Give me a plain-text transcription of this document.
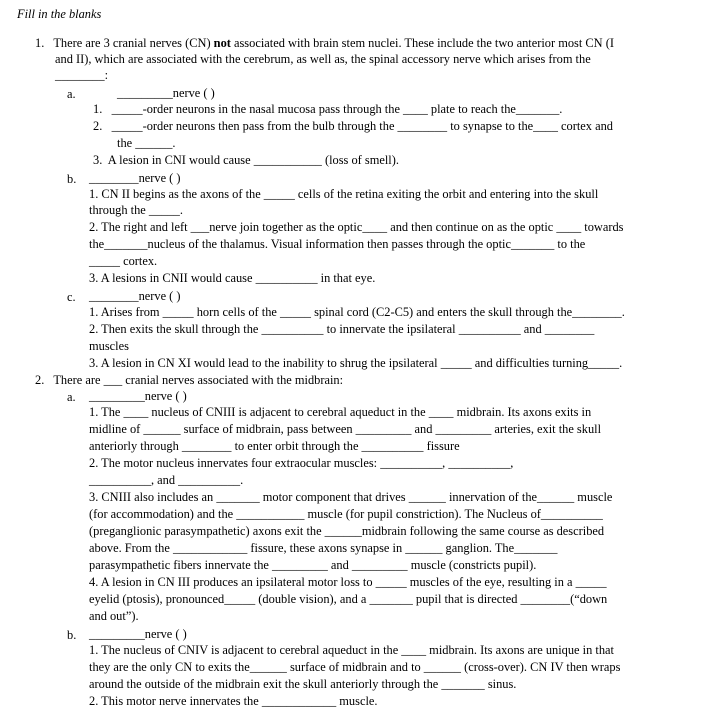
Fill in the blanks
1.   There are 3 cranial nerves (CN) not associated with brain stem nuclei. These include the two anterior most CN (I
and II), which are associated with the cerebrum, as well as, the spinal accessory nerve which arises from the
________:
a.	_________nerve ( )
1.   _____-order neurons in the nasal mucosa pass through the ____ plate to reach the_______.
2.   _____-order neurons then pass from the bulb through the ________ to synapse to the____ cortex and
the ______.
3.  A lesion in CNI would cause ___________ (loss of smell).
b. ________nerve ( )
1. CN II begins as the axons of the _____ cells of the retina exiting the orbit and entering into the skull
through the _____.
2. The right and left ___nerve join together as the optic____ and then continue on as the optic ____ towards
the_______nucleus of the thalamus. Visual information then passes through the optic_______ to the
_____ cortex.
3. A lesions in CNII would cause __________ in that eye.
c. ________nerve ( )
1. Arises from _____ horn cells of the _____ spinal cord (C2-C5) and enters the skull through the________.
2. Then exits the skull through the __________ to innervate the ipsilateral __________ and ________
muscles
3. A lesion in CN XI would lead to the inability to shrug the ipsilateral _____ and difficulties turning_____.
2.   There are ___ cranial nerves associated with the midbrain:
a. _________nerve ( )
1. The ____ nucleus of CNIII is adjacent to cerebral aqueduct in the ____ midbrain. Its axons exits in
midline of ______ surface of midbrain, pass between _________ and _________ arteries, exit the skull
anteriorly through ________ to enter orbit through the __________ fissure
2. The motor nucleus innervates four extraocular muscles: __________, __________,
__________, and __________.
3. CNIII also includes an _______ motor component that drives ______ innervation of the______ muscle
(for accommodation) and the ___________ muscle (for pupil constriction). The Nucleus of__________
(preganglionic parasympathetic) axons exit the ______midbrain following the same course as described
above. From the ____________ fissure, these axons synapse in ______ ganglion. The_______
parasympathetic fibers innervate the _________ and _________ muscle (constricts pupil).
4. A lesion in CN III produces an ipsilateral motor loss to _____ muscles of the eye, resulting in a _____
eyelid (ptosis), pronounced_____ (double vision), and a _______ pupil that is directed ________(“down
and out”).
b. _________nerve ( )
1. The nucleus of CNIV is adjacent to cerebral aqueduct in the ____ midbrain. Its axons are unique in that
they are the only CN to exits the______ surface of midbrain and to ______ (cross-over). CN IV then wraps
around the outside of the midbrain exit the skull anteriorly through the _______ sinus.
2. This motor nerve innervates the ____________ muscle.
